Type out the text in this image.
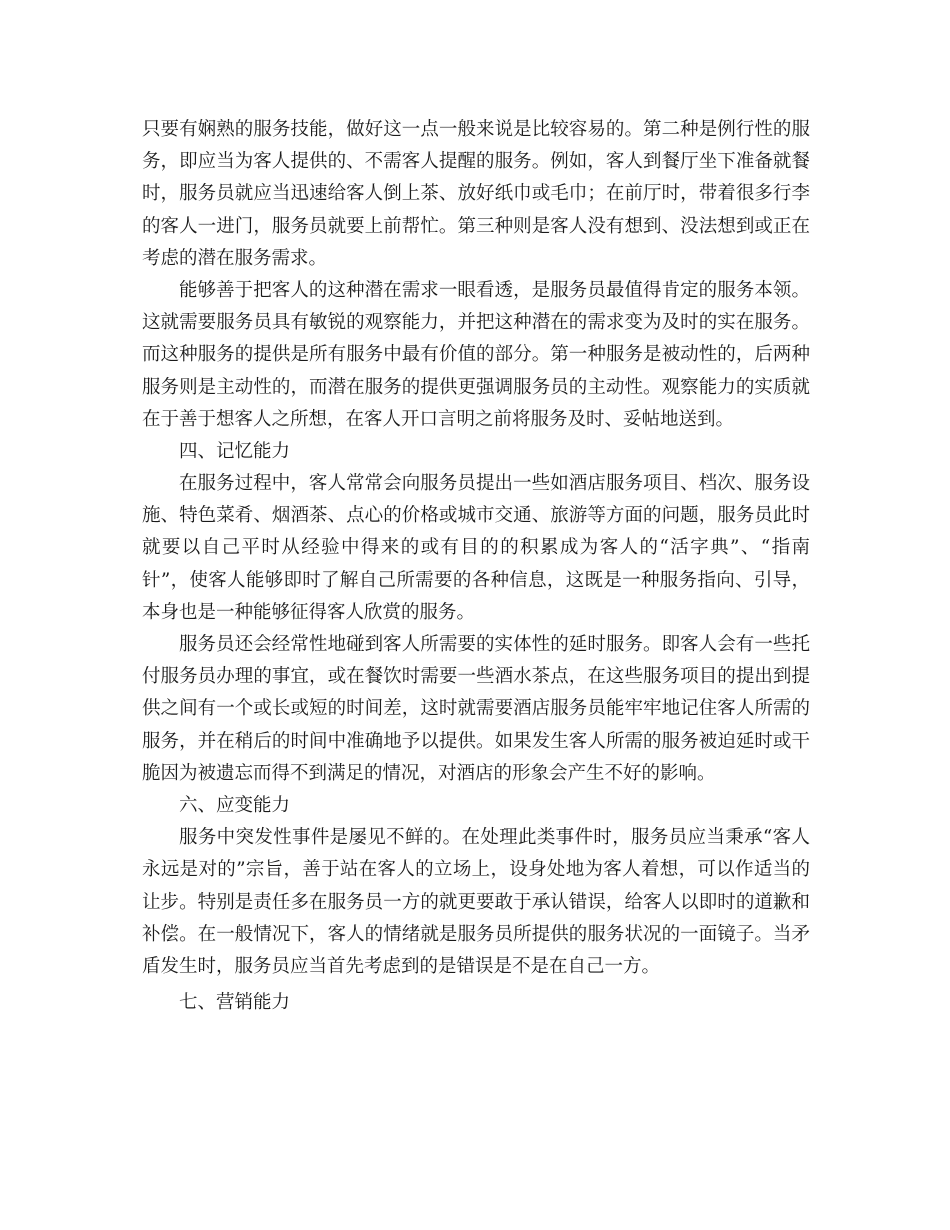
只要有娴熟的服务技能，做好这一点一般来说是比较容易的。第二种是例行性的服
务，即应当为客人提供的、不需客人提醒的服务。例如，客人到餐厅坐下准备就餐
时，服务员就应当迅速给客人倒上茶、放好纸巾或毛巾；在前厅时，带着很多行李
的客人一进门，服务员就要上前帮忙。第三种则是客人没有想到、没法想到或正在
考虑的潜在服务需求。
能够善于把客人的这种潜在需求一眼看透，是服务员最值得肯定的服务本领。
这就需要服务员具有敏锐的观察能力，并把这种潜在的需求变为及时的实在服务。
而这种服务的提供是所有服务中最有价值的部分。第一种服务是被动性的，后两种
服务则是主动性的，而潜在服务的提供更强调服务员的主动性。观察能力的实质就
在于善于想客人之所想，在客人开口言明之前将服务及时、妥帖地送到。
四、记忆能力
在服务过程中，客人常常会向服务员提出一些如酒店服务项目、档次、服务设
施、特色菜肴、烟酒茶、点心的价格或城市交通、旅游等方面的问题，服务员此时
就要以自己平时从经验中得来的或有目的的积累成为客人的“活字典”、“指南
针”，使客人能够即时了解自己所需要的各种信息，这既是一种服务指向、引导，
本身也是一种能够征得客人欣赏的服务。
服务员还会经常性地碰到客人所需要的实体性的延时服务。即客人会有一些托
付服务员办理的事宜，或在餐饮时需要一些酒水茶点，在这些服务项目的提出到提
供之间有一个或长或短的时间差，这时就需要酒店服务员能牢牢地记住客人所需的
服务，并在稍后的时间中准确地予以提供。如果发生客人所需的服务被迫延时或干
脆因为被遗忘而得不到满足的情况，对酒店的形象会产生不好的影响。
六、应变能力
服务中突发性事件是屡见不鲜的。在处理此类事件时，服务员应当秉承“客人
永远是对的”宗旨，善于站在客人的立场上，设身处地为客人着想，可以作适当的
让步。特别是责任多在服务员一方的就更要敢于承认错误，给客人以即时的道歉和
补偿。在一般情况下，客人的情绪就是服务员所提供的服务状况的一面镜子。当矛
盾发生时，服务员应当首先考虑到的是错误是不是在自己一方。
七、营销能力
